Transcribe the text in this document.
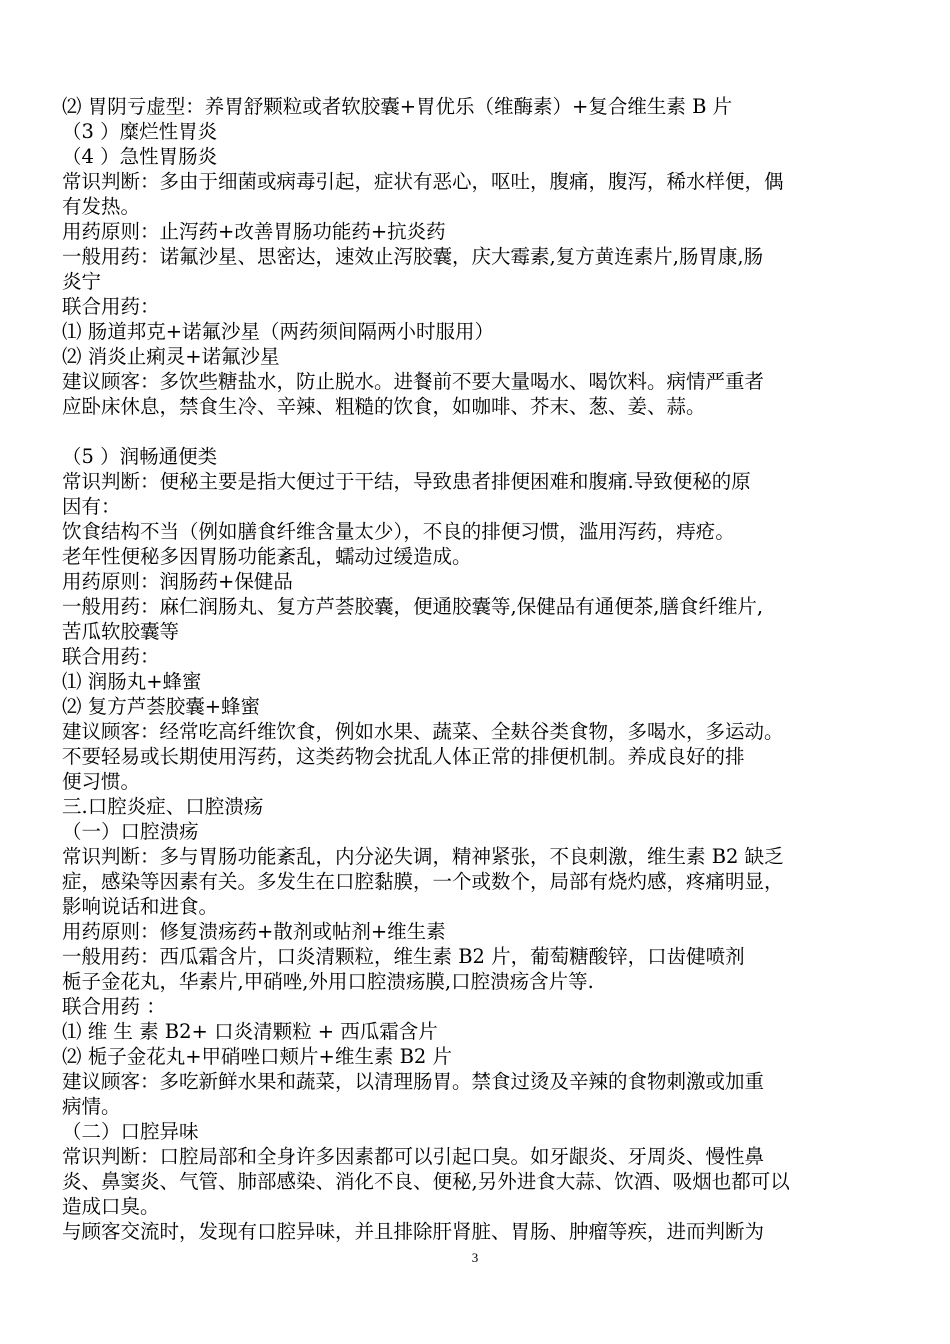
⑵ 胃阴亏虚型：养胃舒颗粒或者软胶囊+胃优乐（维酶素）+复合维生素 B 片
（3 ）糜烂性胃炎
（4 ）急性胃肠炎
常识判断：多由于细菌或病毒引起，症状有恶心，呕吐，腹痛，腹泻，稀水样便，偶
有发热。
用药原则：止泻药+改善胃肠功能药+抗炎药
一般用药：诺氟沙星、思密达，速效止泻胶囊，庆大霉素,复方黄连素片,肠胃康,肠
炎宁
联合用药：
⑴ 肠道邦克+诺氟沙星（两药须间隔两小时服用）
⑵ 消炎止痢灵+诺氟沙星
建议顾客：多饮些糖盐水，防止脱水。进餐前不要大量喝水、喝饮料。病情严重者
应卧床休息，禁食生冷、辛辣、粗糙的饮食，如咖啡、芥末、葱、姜、蒜。
（5 ）润畅通便类
常识判断：便秘主要是指大便过于干结，导致患者排便困难和腹痛.导致便秘的原
因有：
饮食结构不当（例如膳食纤维含量太少），不良的排便习惯，滥用泻药，痔疮。
老年性便秘多因胃肠功能紊乱，蠕动过缓造成。
用药原则：润肠药+保健品
一般用药：麻仁润肠丸、复方芦荟胶囊，便通胶囊等,保健品有通便茶,膳食纤维片,
苦瓜软胶囊等
联合用药：
⑴ 润肠丸+蜂蜜
⑵ 复方芦荟胶囊+蜂蜜
建议顾客：经常吃高纤维饮食，例如水果、蔬菜、全麸谷类食物，多喝水，多运动。
不要轻易或长期使用泻药，这类药物会扰乱人体正常的排便机制。养成良好的排
便习惯。
三.口腔炎症、口腔溃疡
（一）口腔溃疡
常识判断：多与胃肠功能紊乱，内分泌失调，精神紧张，不良刺激，维生素 B2 缺乏
症，感染等因素有关。多发生在口腔黏膜，一个或数个，局部有烧灼感，疼痛明显，
影响说话和进食。
用药原则：修复溃疡药+散剂或帖剂+维生素
一般用药：西瓜霜含片，口炎清颗粒，维生素 B2 片，葡萄糖酸锌，口齿健喷剂
栀子金花丸，华素片,甲硝唑,外用口腔溃疡膜,口腔溃疡含片等.
联合用药 ：
⑴ 维 生 素 B2+ 口炎清颗粒 + 西瓜霜含片
⑵ 栀子金花丸+甲硝唑口颊片+维生素 B2 片
建议顾客：多吃新鲜水果和蔬菜，以清理肠胃。禁食过烫及辛辣的食物刺激或加重
病情。
（二）口腔异味
常识判断：口腔局部和全身许多因素都可以引起口臭。如牙龈炎、牙周炎、慢性鼻
炎、鼻窦炎、气管、肺部感染、消化不良、便秘,另外进食大蒜、饮酒、吸烟也都可以
造成口臭。
与顾客交流时，发现有口腔异味，并且排除肝肾脏、胃肠、肿瘤等疾，进而判断为
3
